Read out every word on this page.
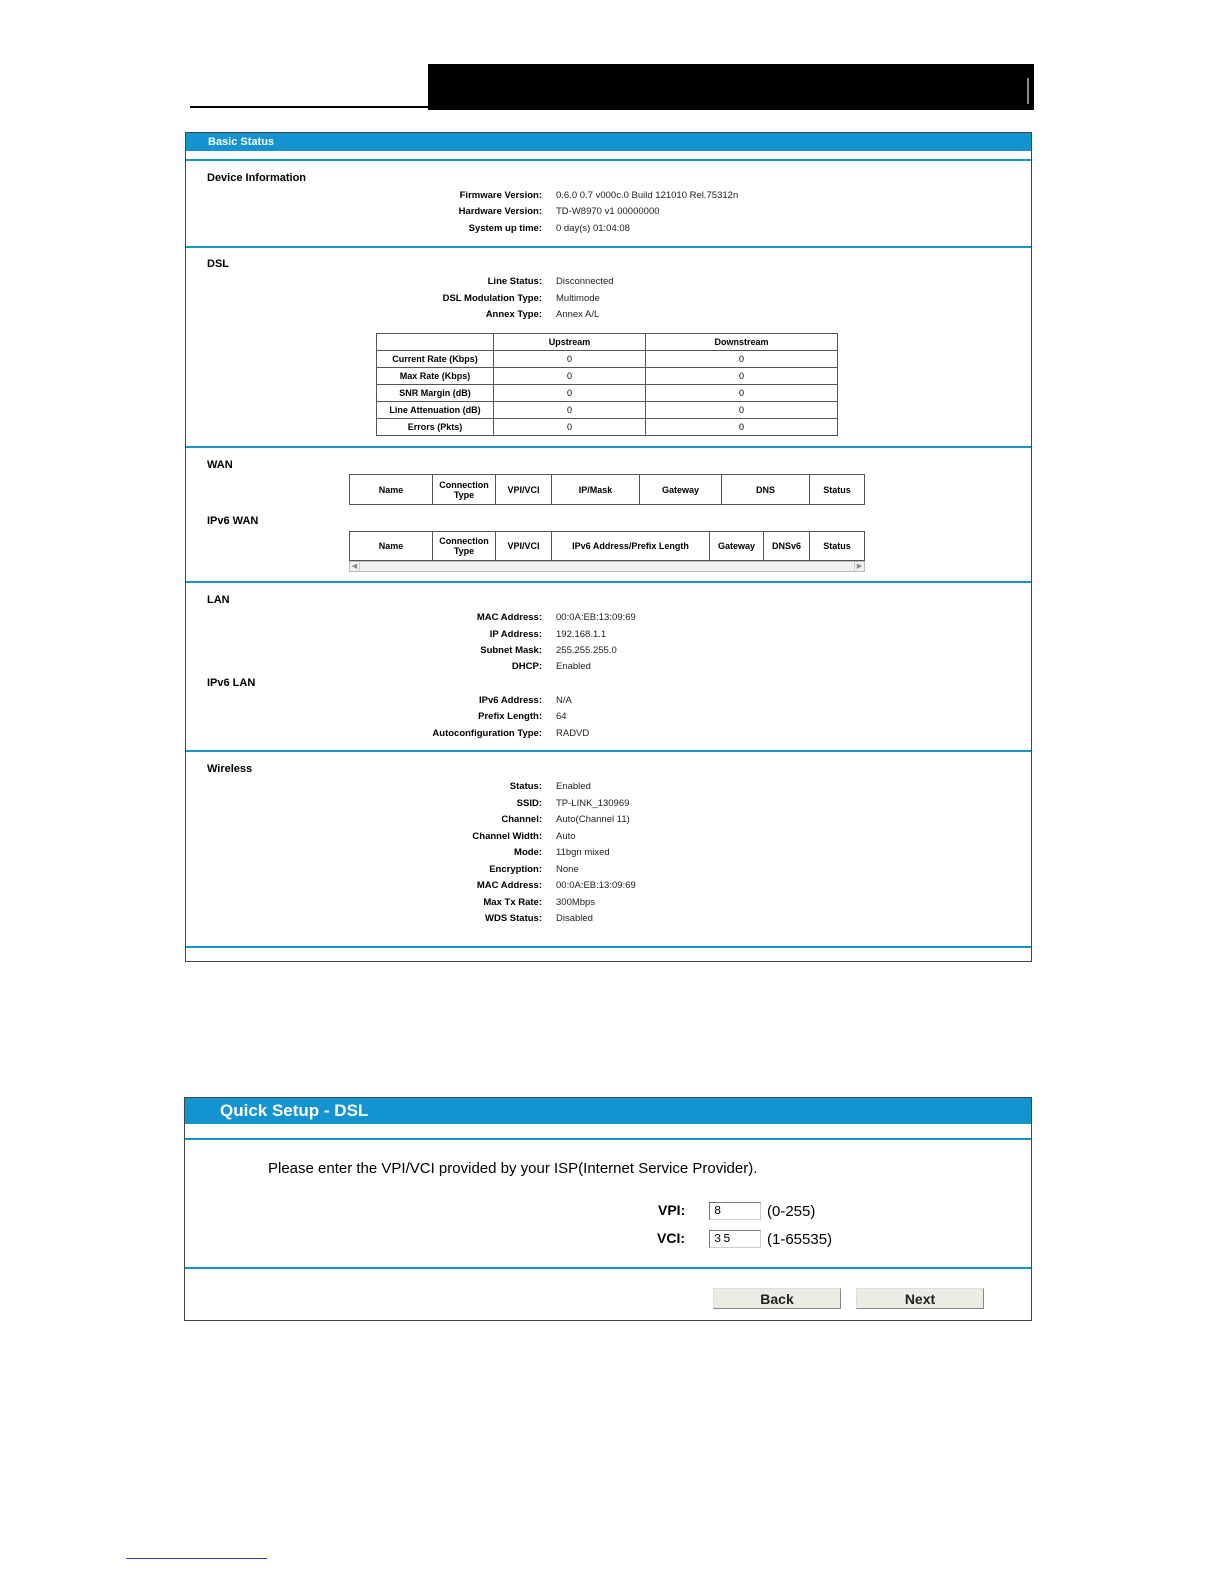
Basic Status
Device Information
Firmware Version: 0.6.0 0.7 v000c.0 Build 121010 Rel.75312n
Hardware Version: TD-W8970 v1 00000000
System up time: 0 day(s) 01:04:08
DSL
Line Status: Disconnected
DSL Modulation Type: Multimode
Annex Type: Annex A/L
	Upstream	Downstream
Current Rate (Kbps)	0	0
Max Rate (Kbps)	0	0
SNR Margin (dB)	0	0
Line Attenuation (dB)	0	0
Errors (Pkts)	0	0
WAN
Name	Connection Type	VPI/VCI	IP/Mask	Gateway	DNS	Status
IPv6 WAN
Name	Connection Type	VPI/VCI	IPv6 Address/Prefix Length	Gateway	DNSv6	Status
◀	▶
LAN
MAC Address: 00:0A:EB:13:09:69
IP Address: 192.168.1.1
Subnet Mask: 255.255.255.0
DHCP: Enabled
IPv6 LAN
IPv6 Address: N/A
Prefix Length: 64
Autoconfiguration Type: RADVD
Wireless
Status: Enabled
SSID: TP-LINK_130969
Channel: Auto(Channel 11)
Channel Width: Auto
Mode: 11bgn mixed
Encryption: None
MAC Address: 00:0A:EB:13:09:69
Max Tx Rate: 300Mbps
WDS Status: Disabled
Quick Setup - DSL
Please enter the VPI/VCI provided by your ISP(Internet Service Provider).
VPI:
8	(0-255)
VCI:
35	(1-65535)
Back	Next
